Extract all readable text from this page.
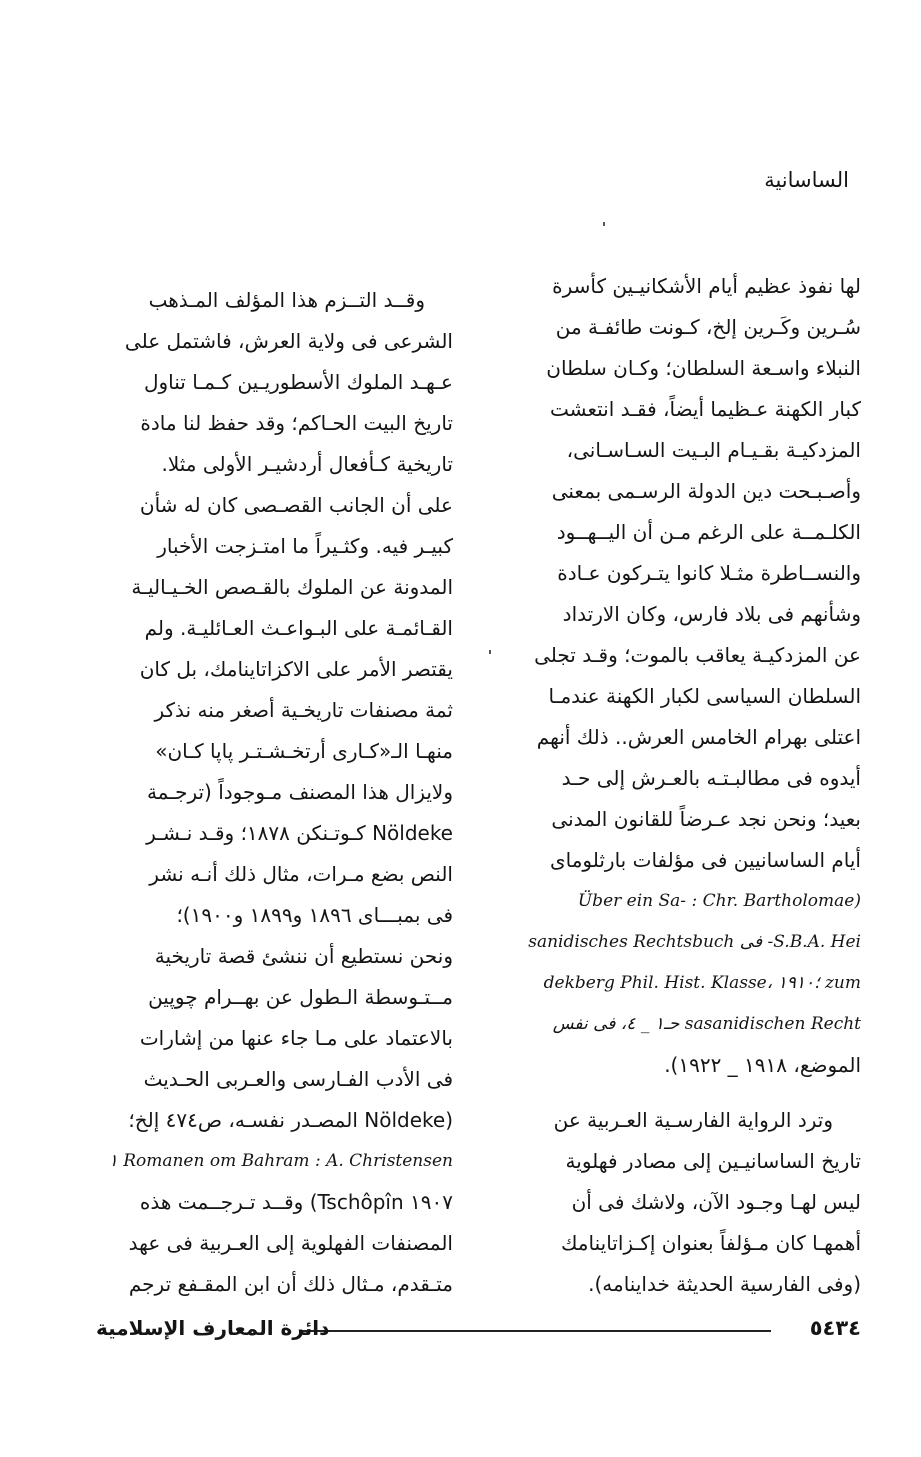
الساسانية

لها نفوذ عظيم أيام الأشكانيـين كأسرة
سُـرين وكَـرين إلخ، كـونت طائفـة من
النبلاء واسـعة السلطان؛ وكـان سلطان
كبار الكهنة عـظيما أيضاً، فقـد انتعشت
المزدكيـة بقـيـام البـيت السـاسـانى،
وأصـبـحت دين الدولة الرسـمى بمعنى
الكلـمــة على الرغم مـن أن اليــهــود
والنســاطرة مثـلا كانوا يتـركون عـادة
وشأنهم فى بلاد فارس، وكان الارتداد
عن المزدكيـة يعاقب بالموت؛ وقـد تجلى
السلطان السياسى لكبار الكهنة عندمـا
اعتلى بهرام الخامس العرش.. ذلك أنهم
أيدوه فى مطالبـتـه بالعـرش إلى حـد
بعيد؛ ونحن نجد عـرضاً للقانون المدنى
أيام الساسانيين فى مؤلفات بارثلوماى
(Über ein Sa- : Chr. Bartholomae
S.B.A. Hei- فى sanidisches Rechtsbuch
zum ؛١٩١٠ ،dekberg Phil. Hist. Klasse
sasanidischen Recht حـ١ _ ٤، فى نفس
الموضع، ١٩١٨ _ ١٩٢٢).

وترد الرواية الفارسـية العـربية عن
تاريخ الساسانيـين إلى مصادر فهلوية
ليس لهـا وجـود الآن، ولاشك فى أن
أهمهـا كان مـؤلفاً بعنوان إكـزاتاينامك
(وفى الفارسية الحديثة خداينامه).

وقــد التــزم هذا المؤلف المـذهب
الشرعى فى ولاية العرش، فاشتمل على
عـهـد الملوك الأسطوريـين كـمـا تناول
تاريخ البيت الحـاكم؛ وقد حفظ لنا مادة
تاريخية كـأفعال أردشيـر الأولى مثلا.
على أن الجانب القصـصى كان له شأن
كبيـر فيه. وكثـيراً ما امتـزجت الأخبار
المدونة عن الملوك بالقـصص الخـيـاليـة
القـائمـة على البـواعـث العـائليـة. ولم
يقتصر الأمر على الاكزاتاينامك، بل كان
ثمة مصنفات تاريخـية أصغر منه نذكر
منهـا الـ«كـارى أرتخـشـتـر پاپا كـان»
ولايزال هذا المصنف مـوجوداً (ترجـمة
Nöldeke كـوتـنكن ١٨٧٨؛ وقـد نـشـر
النص بضع مـرات، مثال ذلك أنـه نشر
فى بمبـــاى ١٨٩٦ و١٨٩٩ و١٩٠٠)؛
ونحن نستطيع أن ننشئ قصة تاريخية
مــتـوسطة الـطول عن بهــرام چوپين
بالاعتماد على مـا جاء عنها من إشارات
فى الأدب الفـارسى والعـربى الحـديث
(Nöldeke المصـدر نفسـه، ص٤٧٤ إلخ؛
Romanen om Bahram : A. Christensen ١
١٩٠٧ Tschôpîn) وقــد تـرجــمت هذه
المصنفات الفهلوية إلى العـربية فى عهد
متـقدم، مـثال ذلك أن ابن المقـفع ترجم

٥٤٣٤
دائرة المعارف الإسلامية
